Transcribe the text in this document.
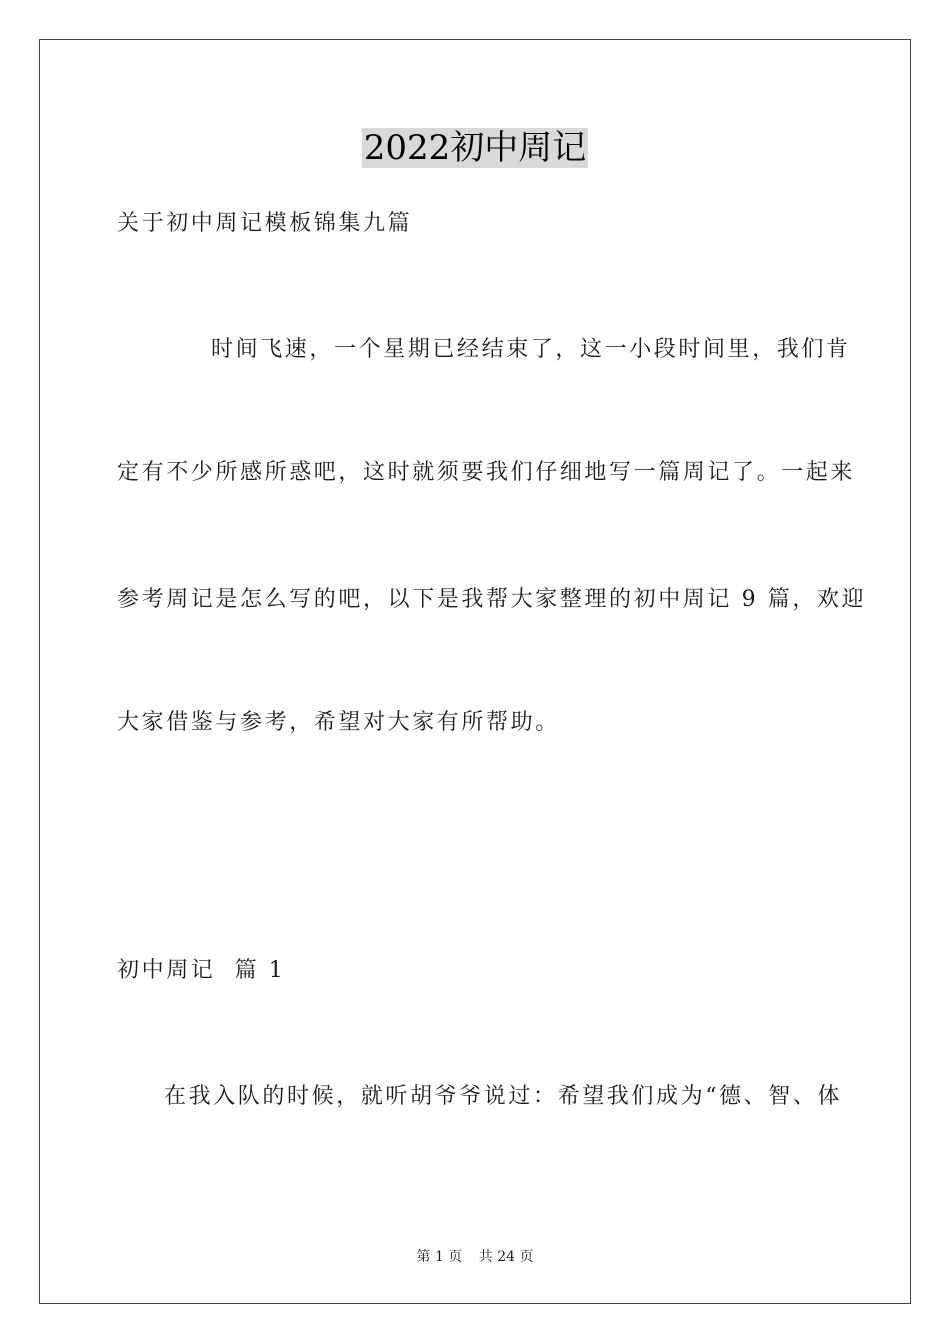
2022初中周记
关于初中周记模板锦集九篇
时间飞速，一个星期已经结束了，这一小段时间里，我们肯
定有不少所感所惑吧，这时就须要我们仔细地写一篇周记了。一起来
参考周记是怎么写的吧，以下是我帮大家整理的初中周记 9 篇，欢迎
大家借鉴与参考，希望对大家有所帮助。
初中周记  篇 1
在我入队的时候，就听胡爷爷说过：希望我们成为“德、智、体
第 1 页 共 24 页
